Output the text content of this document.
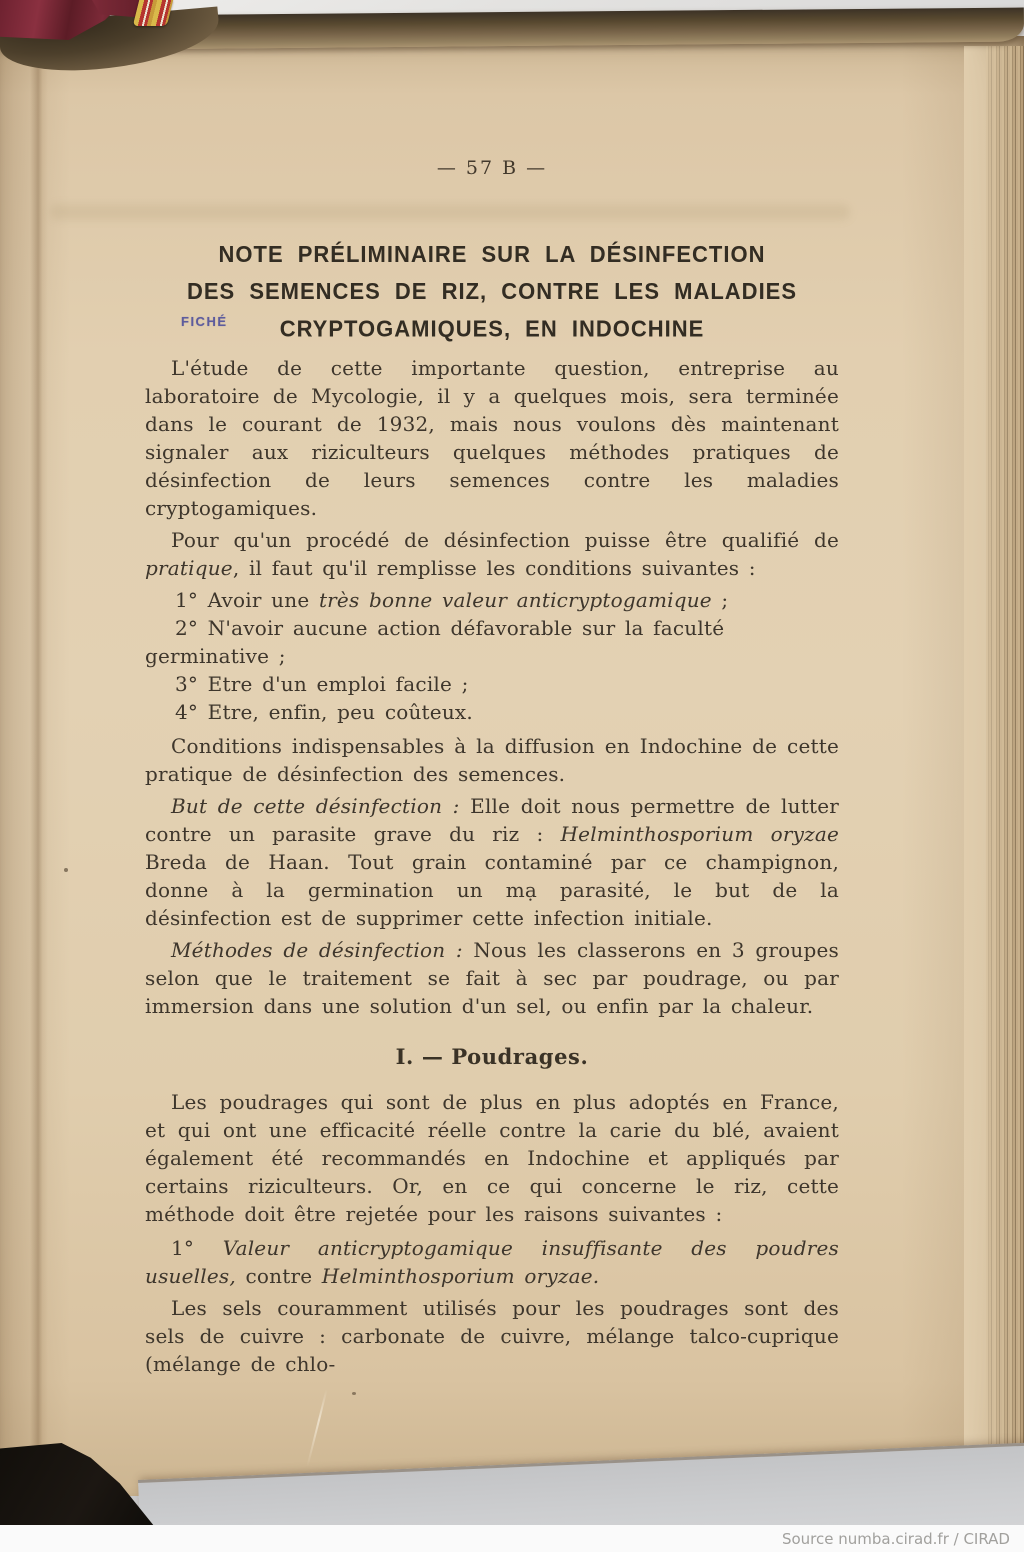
— 57 B —
NOTE PRÉLIMINAIRE SUR LA DÉSINFECTION
DES SEMENCES DE RIZ, CONTRE LES MALADIES
CRYPTOGAMIQUES, EN INDOCHINE
FICHÉ

L'étude de cette importante question, entreprise au laboratoire de Mycologie, il y a quelques mois, sera terminée dans le courant de 1932, mais nous voulons dès maintenant signaler aux riziculteurs quelques méthodes pratiques de désinfection de leurs semences contre les maladies cryptogamiques.

Pour qu'un procédé de désinfection puisse être qualifié de pratique, il faut qu'il remplisse les conditions suivantes :

1° Avoir une très bonne valeur anticryptogamique ;

2° N'avoir aucune action défavorable sur la faculté germinative ;

3° Etre d'un emploi facile ;

4° Etre, enfin, peu coûteux.

Conditions indispensables à la diffusion en Indochine de cette pratique de désinfection des semences.

But de cette désinfection : Elle doit nous permettre de lutter contre un parasite grave du riz : Helminthosporium oryzae Breda de Haan. Tout grain contaminé par ce champignon, donne à la germination un mạ parasité, le but de la désinfection est de supprimer cette infection initiale.

Méthodes de désinfection : Nous les classerons en 3 groupes selon que le traitement se fait à sec par poudrage, ou par immersion dans une solution d'un sel, ou enfin par la chaleur.

I. — Poudrages.

Les poudrages qui sont de plus en plus adoptés en France, et qui ont une efficacité réelle contre la carie du blé, avaient également été recommandés en Indochine et appliqués par certains riziculteurs. Or, en ce qui concerne le riz, cette méthode doit être rejetée pour les raisons suivantes :

1° Valeur anticryptogamique insuffisante des poudres usuelles, contre Helminthosporium oryzae.

Les sels couramment utilisés pour les poudrages sont des sels de cuivre : carbonate de cuivre, mélange talco-cuprique (mélange de chlo-

Source numba.cirad.fr / CIRAD
